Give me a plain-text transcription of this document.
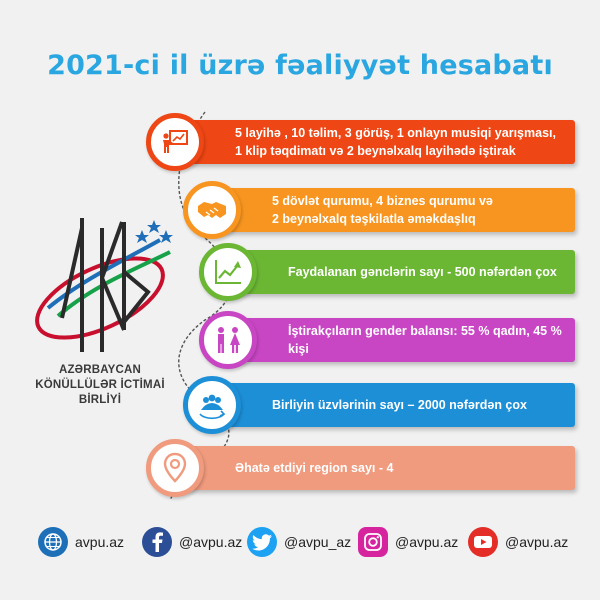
2021-ci il üzrə fəaliyyət hesabatı
AZƏRBAYCAN
KÖNÜLLÜLƏR İCTİMAİ BİRLİYİ
5 layihə , 10 təlim, 3 görüş, 1 onlayn musiqi yarışması,
1 klip təqdimatı və 2 beynəlxalq layihədə iştirak
5 dövlət qurumu, 4 biznes qurumu və
2 beynəlxalq təşkilatla əməkdaşlıq
Faydalanan gənclərin sayı - 500 nəfərdən çox
İştirakçıların gender balansı: 55 % qadın, 45 % kişi
Birliyin üzvlərinin sayı – 2000 nəfərdən çox
Əhatə etdiyi region sayı - 4
avpu.az	@avpu.az	@avpu_az	@avpu.az	@avpu.az
